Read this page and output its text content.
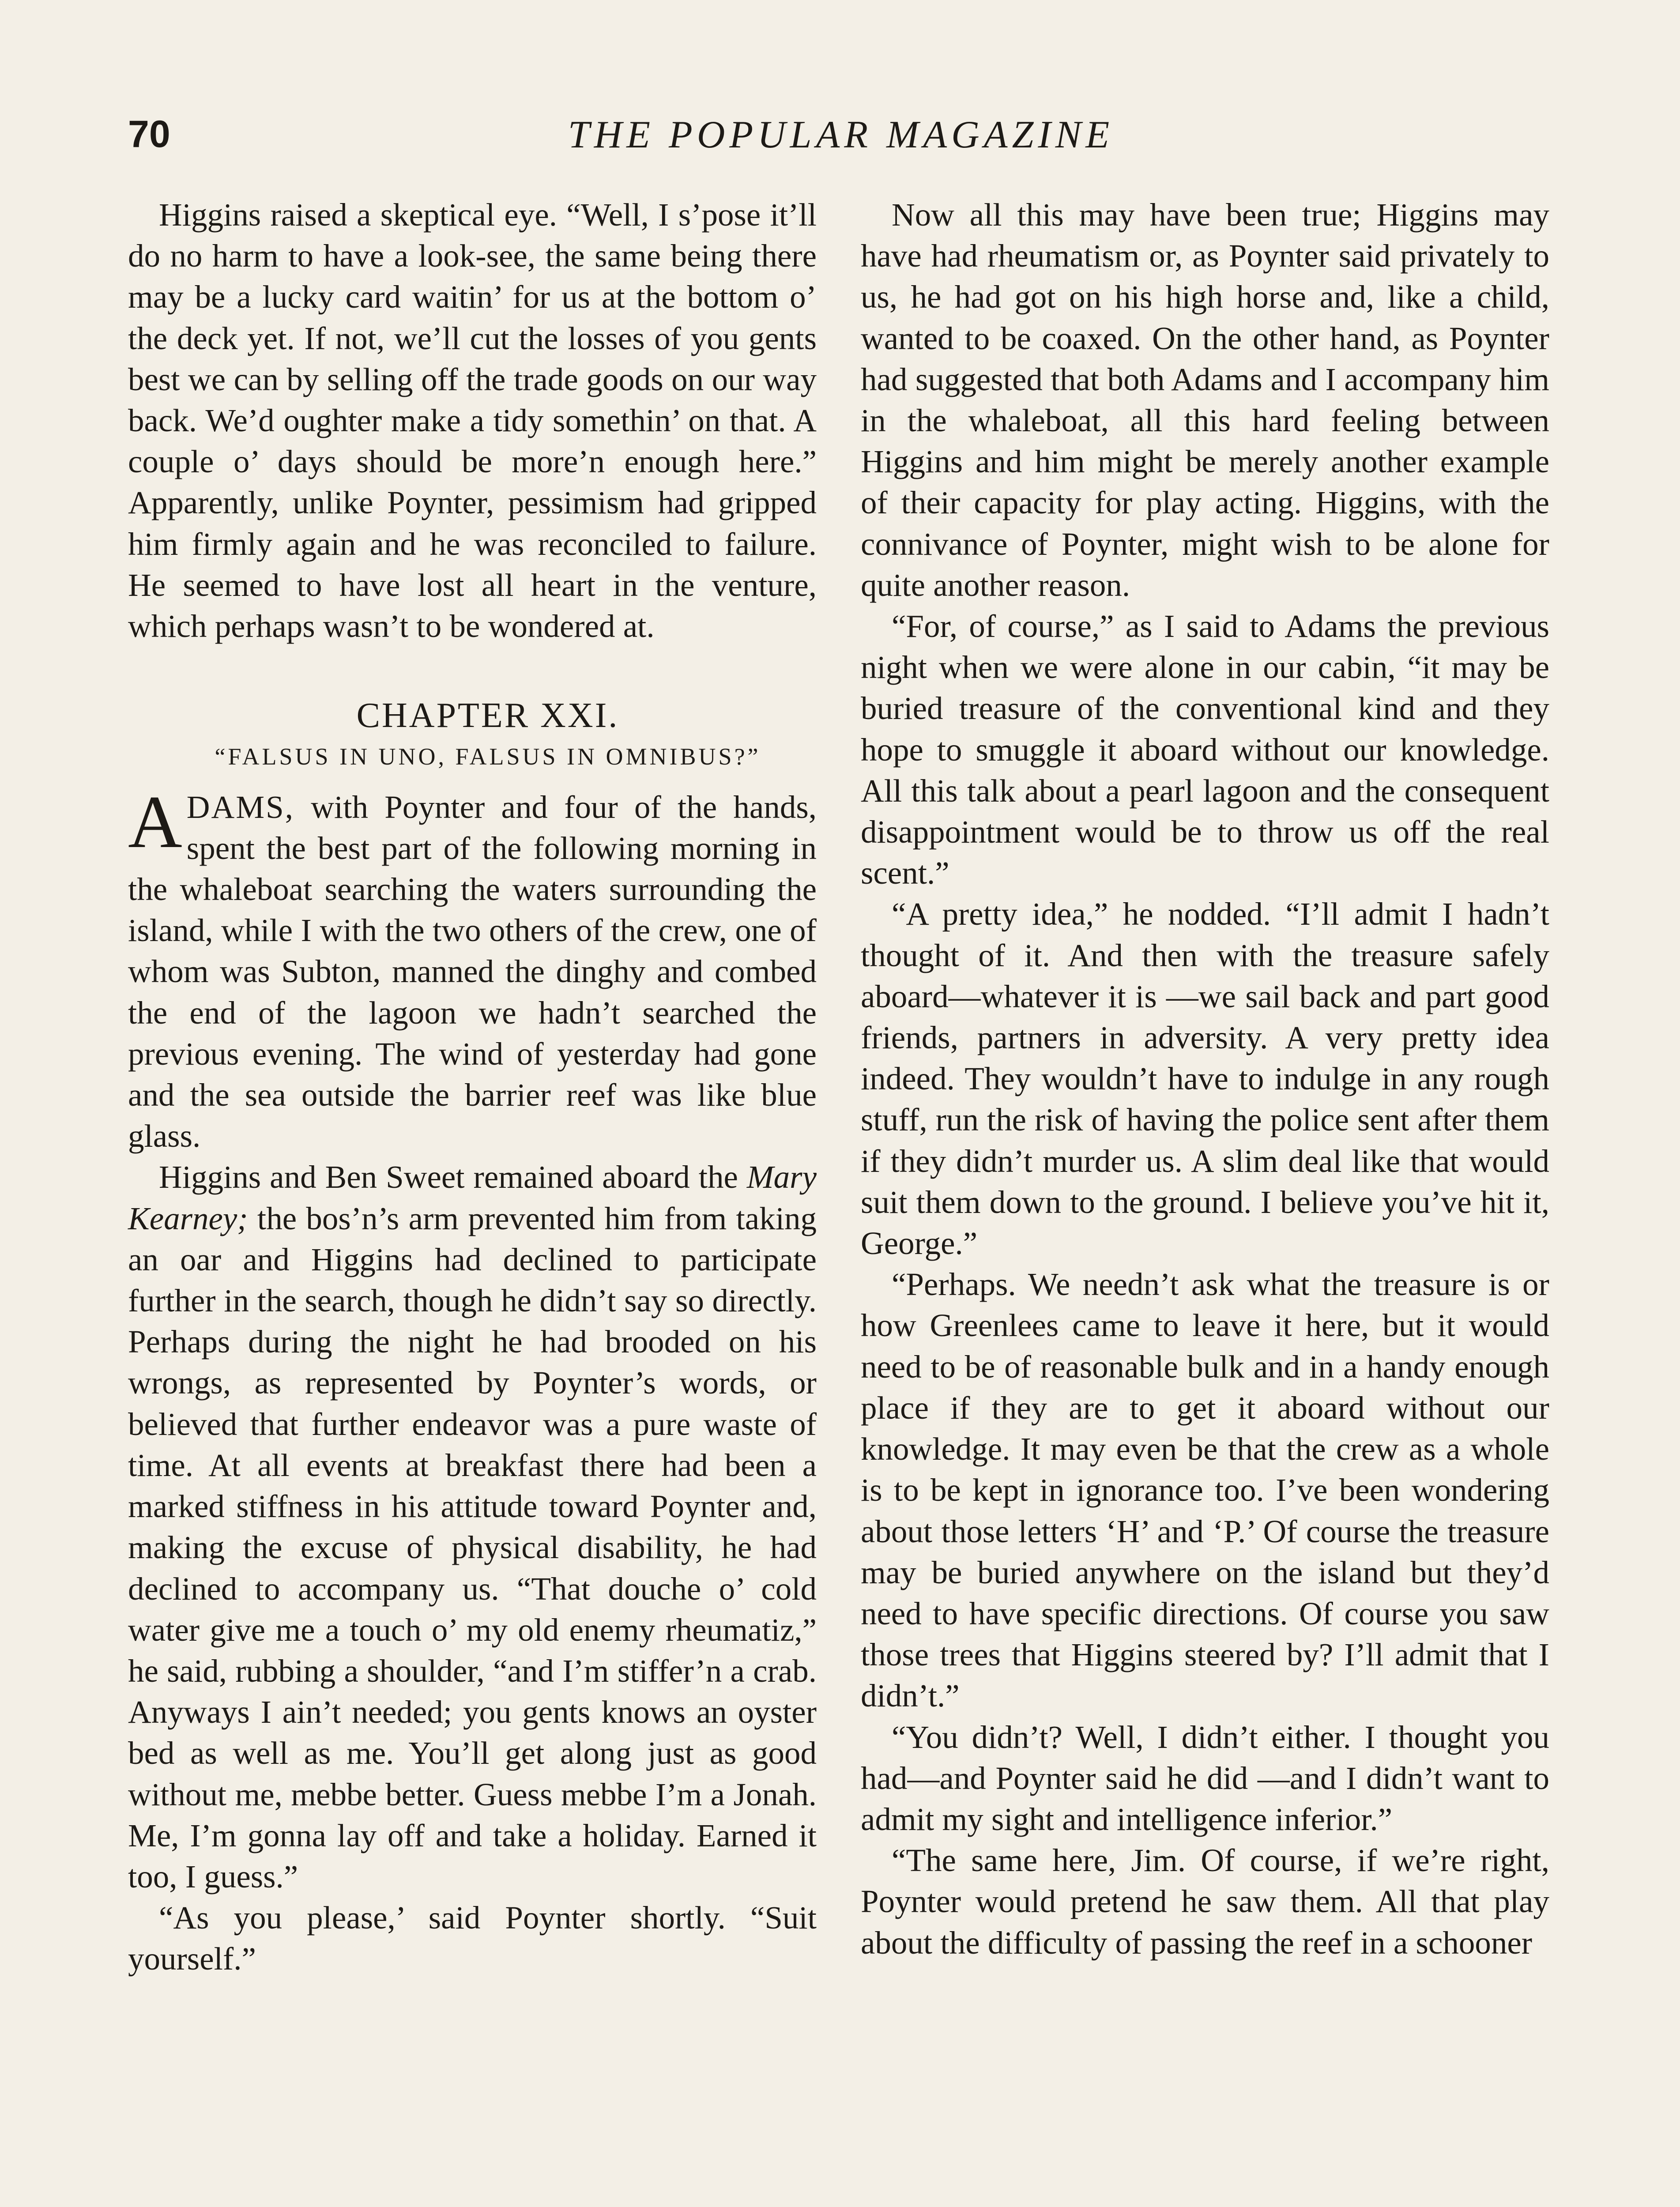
70	THE POPULAR MAGAZINE

Higgins raised a skeptical eye. “Well, I s’pose it’ll do no harm to have a look-see, the same being there may be a lucky card waitin’ for us at the bottom o’ the deck yet. If not, we’ll cut the losses of you gents best we can by selling off the trade goods on our way back. We’d oughter make a tidy somethin’ on that. A couple o’ days should be more’n enough here.” Apparently, unlike Poynter, pessimism had gripped him firmly again and he was reconciled to failure. He seemed to have lost all heart in the venture, which perhaps wasn’t to be wondered at.

CHAPTER XXI.

“FALSUS IN UNO, FALSUS IN OMNIBUS?”

ADAMS, with Poynter and four of the hands, spent the best part of the following morning in the whaleboat searching the waters surrounding the island, while I with the two others of the crew, one of whom was Subton, manned the dinghy and combed the end of the lagoon we hadn’t searched the previous evening. The wind of yesterday had gone and the sea outside the barrier reef was like blue glass.

Higgins and Ben Sweet remained aboard the Mary Kearney; the bos’n’s arm prevented him from taking an oar and Higgins had declined to participate further in the search, though he didn’t say so directly. Perhaps during the night he had brooded on his wrongs, as represented by Poynter’s words, or believed that further endeavor was a pure waste of time. At all events at breakfast there had been a marked stiffness in his attitude toward Poynter and, making the excuse of physical disability, he had declined to accompany us. “That douche o’ cold water give me a touch o’ my old enemy rheumatiz,” he said, rubbing a shoulder, “and I’m stiffer’n a crab. Anyways I ain’t needed; you gents knows an oyster bed as well as me. You’ll get along just as good without me, mebbe better. Guess mebbe I’m a Jonah. Me, I’m gonna lay off and take a holiday. Earned it too, I guess.”

“As you please,’ said Poynter shortly. “Suit yourself.”

Now all this may have been true; Higgins may have had rheumatism or, as Poynter said privately to us, he had got on his high horse and, like a child, wanted to be coaxed. On the other hand, as Poynter had suggested that both Adams and I accompany him in the whaleboat, all this hard feeling between Higgins and him might be merely another example of their capacity for play acting. Higgins, with the connivance of Poynter, might wish to be alone for quite another reason.

“For, of course,” as I said to Adams the previous night when we were alone in our cabin, “it may be buried treasure of the conventional kind and they hope to smuggle it aboard without our knowledge. All this talk about a pearl lagoon and the consequent disappointment would be to throw us off the real scent.”

“A pretty idea,” he nodded. “I’ll admit I hadn’t thought of it. And then with the treasure safely aboard—whatever it is —we sail back and part good friends, partners in adversity. A very pretty idea indeed. They wouldn’t have to indulge in any rough stuff, run the risk of having the police sent after them if they didn’t murder us. A slim deal like that would suit them down to the ground. I believe you’ve hit it, George.”

“Perhaps. We needn’t ask what the treasure is or how Greenlees came to leave it here, but it would need to be of reasonable bulk and in a handy enough place if they are to get it aboard without our knowledge. It may even be that the crew as a whole is to be kept in ignorance too. I’ve been wondering about those letters ‘H’ and ‘P.’ Of course the treasure may be buried anywhere on the island but they’d need to have specific directions. Of course you saw those trees that Higgins steered by? I’ll admit that I didn’t.”

“You didn’t? Well, I didn’t either. I thought you had—and Poynter said he did —and I didn’t want to admit my sight and intelligence inferior.”

“The same here, Jim. Of course, if we’re right, Poynter would pretend he saw them. All that play about the difficulty of passing the reef in a schooner
